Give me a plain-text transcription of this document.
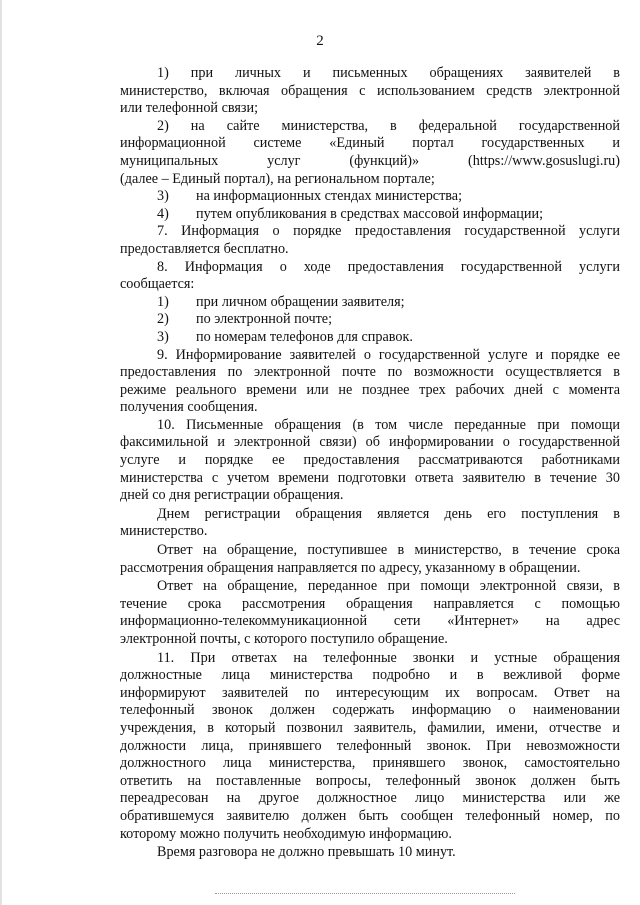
2

1) при личных и письменных обращениях заявителей в

министерство, включая обращения с использованием средств электронной

или телефонной связи;

2) на сайте министерства, в федеральной государственной

информационной системе «Единый портал государственных и

муниципальных услуг (функций)» (https://www.gosuslugi.ru)

(далее – Единый портал), на региональном портале;

3)	на информационных стендах министерства;
4)	путем опубликования в средствах массовой информации;

7. Информация о порядке предоставления государственной услуги

предоставляется бесплатно.

8. Информация о ходе предоставления государственной услуги

сообщается:

1)	при личном обращении заявителя;
2)	по электронной почте;
3)	по номерам телефонов для справок.

9. Информирование заявителей о государственной услуге и порядке ее

предоставления по электронной почте по возможности осуществляется в

режиме реального времени или не позднее трех рабочих дней с момента

получения сообщения.

10. Письменные обращения (в том числе переданные при помощи

факсимильной и электронной связи) об информировании о государственной

услуге и порядке ее предоставления рассматриваются работниками

министерства с учетом времени подготовки ответа заявителю в течение 30

дней со дня регистрации обращения.

Днем регистрации обращения является день его поступления в

министерство.

Ответ на обращение, поступившее в министерство, в течение срока

рассмотрения обращения направляется по адресу, указанному в обращении.

Ответ на обращение, переданное при помощи электронной связи, в

течение срока рассмотрения обращения направляется с помощью

информационно-телекоммуникационной сети «Интернет» на адрес

электронной почты, с которого поступило обращение.

11. При ответах на телефонные звонки и устные обращения

должностные лица министерства подробно и в вежливой форме

информируют заявителей по интересующим их вопросам. Ответ на

телефонный звонок должен содержать информацию о наименовании

учреждения, в который позвонил заявитель, фамилии, имени, отчестве и

должности лица, принявшего телефонный звонок. При невозможности

должностного лица министерства, принявшего звонок, самостоятельно

ответить на поставленные вопросы, телефонный звонок должен быть

переадресован на другое должностное лицо министерства или же

обратившемуся заявителю должен быть сообщен телефонный номер, по

которому можно получить необходимую информацию.

Время разговора не должно превышать 10 минут.
